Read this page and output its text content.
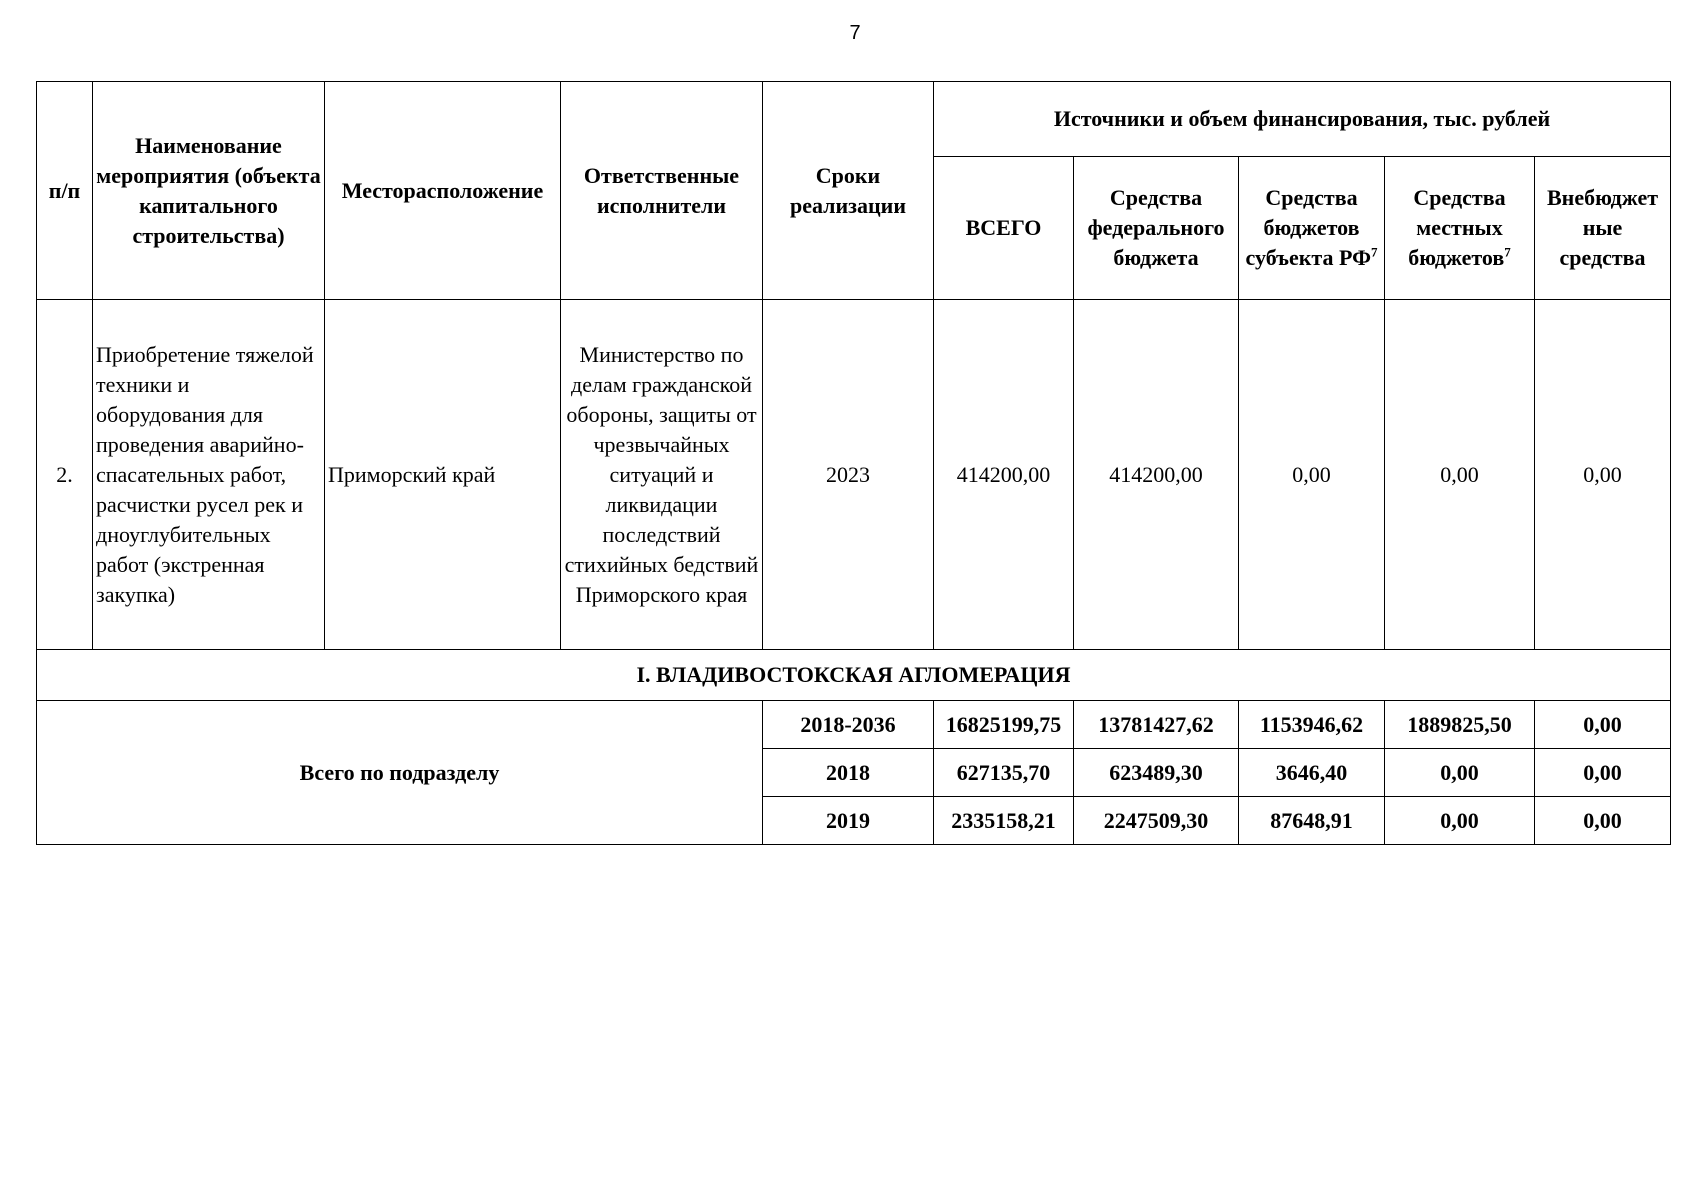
7
п/п	Наименование мероприятия (объекта капитального строительства)	Месторасположение	Ответственные исполнители	Сроки реализации	Источники и объем финансирования, тыс. рублей				
					ВСЕГО	Средства федерального бюджета	Средства бюджетов субъекта $РФ^7$	Средства местных бюджетов$^7$	Внебюджет ные средства
2.	Приобретение тяжелой техники и оборудования для проведения аварийно-спасательных работ, расчистки русел рек и дноуглубительных работ (экстренная закупка)	Приморский край	Министерство по делам гражданской обороны, защиты от чрезвычайных ситуаций и ликвидации последствий стихийных бедствий Приморского края	2023	414200,00	414200,00	0,00	0,00	0,00
I. ВЛАДИВОСТОКСКАЯ АГЛОМЕРАЦИЯ									
Всего по подразделу				2018-2036	16825199,75	13781427,62	1153946,62	1889825,50	0,00
				2018	627135,70	623489,30	3646,40	0,00	0,00
				2019	2335158,21	2247509,30	87648,91	0,00	0,00
